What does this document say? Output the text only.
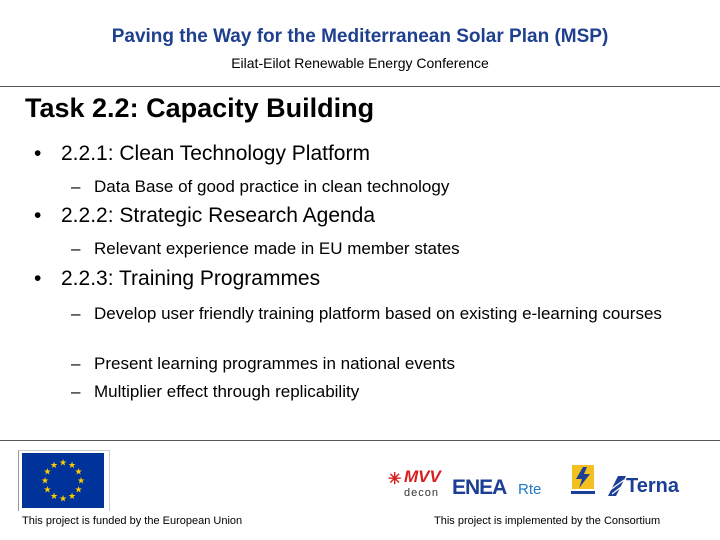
Paving the Way for the Mediterranean Solar Plan (MSP)
Eilat-Eilot Renewable Energy Conference
Task 2.2: Capacity Building
• 2.2.1: Clean Technology Platform
– Data Base of good practice in clean technology
• 2.2.2: Strategic Research Agenda
– Relevant experience made in EU member states
• 2.2.3: Training Programmes
– Develop user friendly training platform based on existing e-learning courses
– Present learning programmes in national events
– Multiplier effect through replicability
★ ★
★
★
★
★
★
★
★
★
★
★
This project is funded by the European Union
✳ MVV
decon ENEA Rte	Terna
This project is implemented by the Consortium
